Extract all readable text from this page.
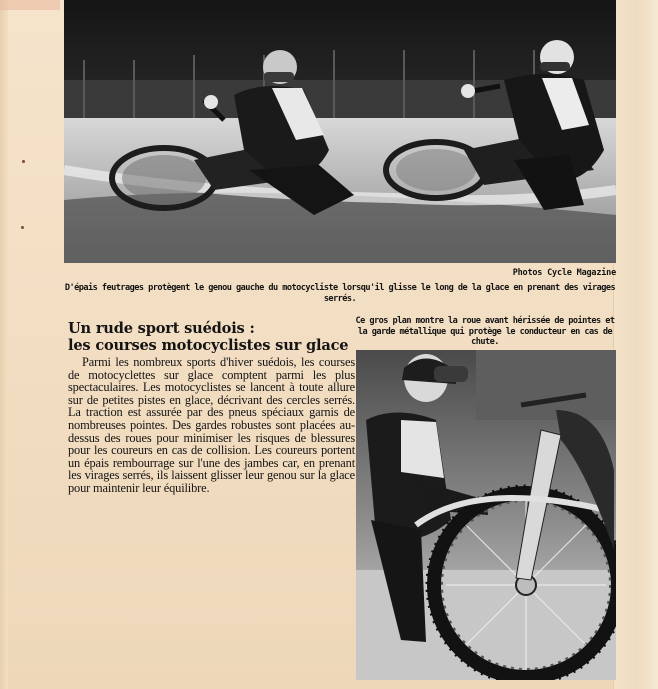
Photos Cycle Magazine
D'épais feutrages protègent le genou gauche du motocycliste lorsqu'il glisse le long de la glace en prenant des virages serrés.
Un rude sport suédois :
les courses motocyclistes sur glace
Parmi les nombreux sports d'hiver suédois, les courses de motocyclettes sur glace comptent parmi les plus spectaculaires. Les motocyclistes se lancent à toute allure sur de petites pistes en glace, décrivant des cercles serrés. La traction est assurée par des pneus spéciaux garnis de nombreuses pointes. Des gardes robustes sont placées au-dessus des roues pour minimiser les risques de blessures pour les coureurs en cas de collision. Les coureurs portent un épais rembourrage sur l'une des jambes car, en prenant les virages serrés, ils laissent glisser leur genou sur la glace pour maintenir leur équilibre.
Ce gros plan montre la roue avant hérissée de pointes et la garde métallique qui protège le conducteur en cas de chute.
